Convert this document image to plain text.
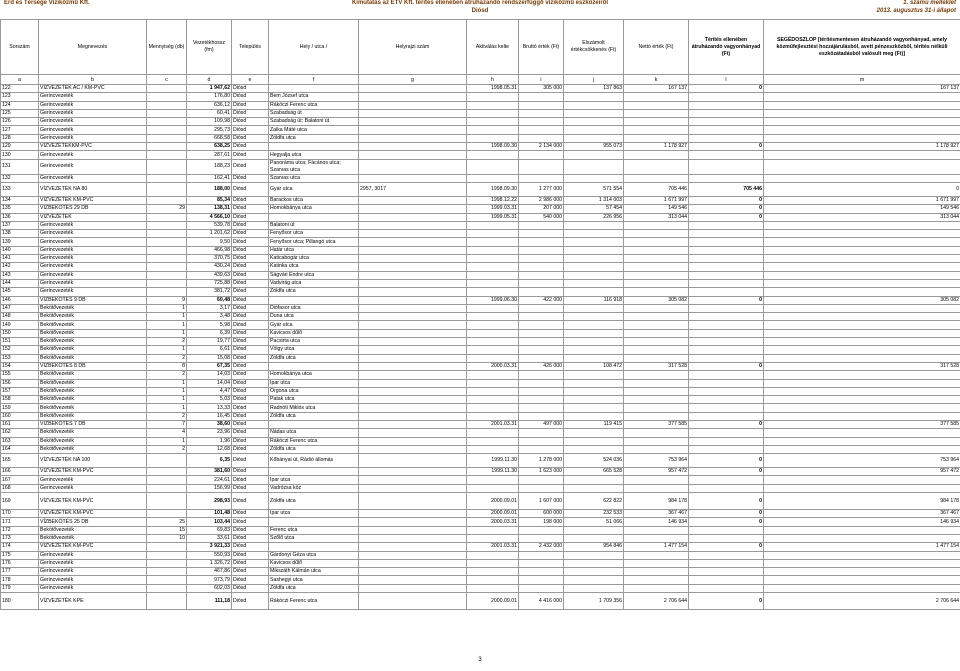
Érd és Térsége Víziközmű Kft.	Kimutatás az ÉTV Kft. térítés ellenében átruházandó rendszerfüggő víziközmű eszközeiről
Diósd
1. számú melléklet
2013. augusztus 31-i állapot
Sorszám	Megnevezés	Mennyiség (db)	Vezetékhossz (fm)	Település	Hely / utca /	Helyrajzi szám	Aktiválás kelte	Bruttó érték (Ft)	Elszámolt értékcsökkenés (Ft)	Nettó érték (Ft)	Térítés ellenében átruházandó vagyonhányad (Ft)	SEGÉDOSZLOP [térítésmentesen átruházandó vagyonhányad, amely közműfejlesztési hozzájárulásból, avett pénzeszközből, térítés nélküli eszközátadásból valósult meg (Ft)]
a	b	c	d	e	f	g	h	i	j	k	l	m
122	VÍZVEZETÉK AC / KM-PVC		1 947,62	Diósd			1998.05.31	305 000	137 863	167 137	0	167 137
123	Gerincvezeték		176,80	Diósd	Bem József utca							
124	Gerincvezeték		636,12	Diósd	Rákóczi Ferenc utca							
125	Gerincvezeték		60,41	Diósd	Szabadság út							
126	Gerincvezeték		109,98	Diósd	Szabadság út; Balatoni út							
127	Gerincvezeték		295,73	Diósd	Zalka Máté utca							
128	Gerincvezeték		668,58	Diósd	Zöldfa utca							
129	VÍZVEZETÉKKM-PVC		638,25	Diósd			1998.09.30	2 134 000	955 073	1 178 927	0	1 178 927
130	Gerincvezeték		287,61	Diósd	Hegyalja utca							
131	Gerincvezeték		188,23	Diósd	Panoráma utca; Fácános utca; Szarvas utca							
132	Gerincvezeték		162,41	Diósd	Szarvas utca							
133	VÍZVEZETÉK NA 80		188,00	Diósd	Gyár utca	2957, 3017	1998.09.30	1 277 000	571 554	705 446	705 446	0
134	VÍZVEZETÉK KM-PVC		85,34	Diósd	Barackos utca		1998.12.22	2 986 000	1 314 003	1 671 997	0	1 671 997
135	VÍZBEKÖTÉS 29 DB	29	138,31	Diósd	Homokbánya utca		1999.03.31	207 000	57 454	149 546	0	149 546
136	VÍZVEZETÉK		4 566,10	Diósd			1999.05.31	540 000	226 956	313 044	0	313 044
137	Gerincvezeték		539,78	Diósd	Balatoni út							
138	Gerincvezeték		1 201,62	Diósd	Fenyősor utca							
139	Gerincvezeték		9,50	Diósd	Fenyősor utca; Pillangó utca							
140	Gerincvezeték		466,98	Diósd	Határ utca							
141	Gerincvezeték		370,75	Diósd	Katicabogár utca							
142	Gerincvezeték		430,24	Diósd	Katinka utca							
143	Gerincvezeték		439,63	Diósd	Ságvári Endre utca							
144	Gerincvezeték		725,88	Diósd	Vadvirág utca							
145	Gerincvezeték		381,72	Diósd	Zöldfa utca							
146	VÍZBEKÖTÉS 9 DB	9	60,48	Diósd			1999.06.30	422 000	116 918	305 082	0	305 082
147	Bekötővezeték	1	3,17	Diósd	Diófasor utca							
148	Bekötővezeték	1	3,48	Diósd	Duna utca							
149	Bekötővezeték	1	5,98	Diósd	Gyár utca							
150	Bekötővezeték	1	6,39	Diósd	Kavicsos dűlő							
151	Bekötővezeték	2	19,77	Diósd	Pacsirta utca							
152	Bekötővezeték	1	6,61	Diósd	Völgy utca							
153	Bekötővezeték	2	15,08	Diósd	Zöldfa utca							
154	VÍZBEKÖTÉS 8 DB	8	67,35	Diósd			2000.03.31	426 000	108 472	317 528	0	317 528
155	Bekötővezeték	2	14,03	Diósd	Homokbánya utca							
156	Bekötővezeték	1	14,04	Diósd	Ipar utca							
157	Bekötővezeték	1	4,47	Diósd	Orgona utca							
158	Bekötővezeték	1	5,03	Diósd	Patak utca							
159	Bekötővezeték	1	13,33	Diósd	Radnóti Miklós utca							
160	Bekötővezeték	2	16,45	Diósd	Zöldfa utca							
161	VÍZBEKÖTÉS 7 DB	7	38,60	Diósd			2001.03.31	497 000	119 415	377 585	0	377 585
162	Bekötővezeték	4	23,96	Diósd	Nádas utca							
163	Bekötővezeték	1	1,96	Diósd	Rákóczi Ferenc utca							
164	Bekötővezeték	2	12,68	Diósd	Zöldfa utca							
165	VÍZVEZETÉK NA 100		6,35	Diósd	Kőbányai út, Rádió állomás		1999.11.30	1 278 000	524 036	753 964	0	753 964
166	VÍZVEZETÉK KM-PVC		381,60	Diósd			1999.11.30	1 623 000	665 528	957 472	0	957 472
167	Gerincvezeték		224,61	Diósd	Ipar utca							
168	Gerincvezeték		156,99	Diósd	Vadrózsa köz							
169	VÍZVEZETÉK KM-PVC		298,93	Diósd	Zöldfa utca		2000.09.01	1 607 000	622 822	984 178	0	984 178
170	VÍZVEZETÉK KM-PVC		101,48	Diósd	Ipar utca		2000.09.01	600 000	232 533	367 467	0	367 467
171	VÍZBEKÖTÉS 25 DB	25	103,44	Diósd			2000.03.31	198 000	51 066	146 934	0	146 934
172	Bekötővezeték	15	69,83	Diósd	Ferenc utca							
173	Bekötővezeték	10	33,61	Diósd	Szőlő utca							
174	VÍZVEZETÉK KM-PVC		3 921,33	Diósd			2001.03.31	2 432 000	954 846	1 477 154	0	1 477 154
175	Gerincvezeték		550,93	Diósd	Gárdonyi Géza utca							
176	Gerincvezeték		1 326,72	Diósd	Kavicsos dűlő							
177	Gerincvezeték		467,86	Diósd	Mikszáth Kálmán utca							
178	Gerincvezeték		973,79	Diósd	Sashegyi utca							
179	Gerincvezeték		602,03	Diósd	Zöldfa utca							
180	VÍZVEZETÉK KPE		111,18	Diósd	Rákóczi Ferenc utca		2000.09.01	4 416 000	1 709 356	2 706 644	0	2 706 644
3
